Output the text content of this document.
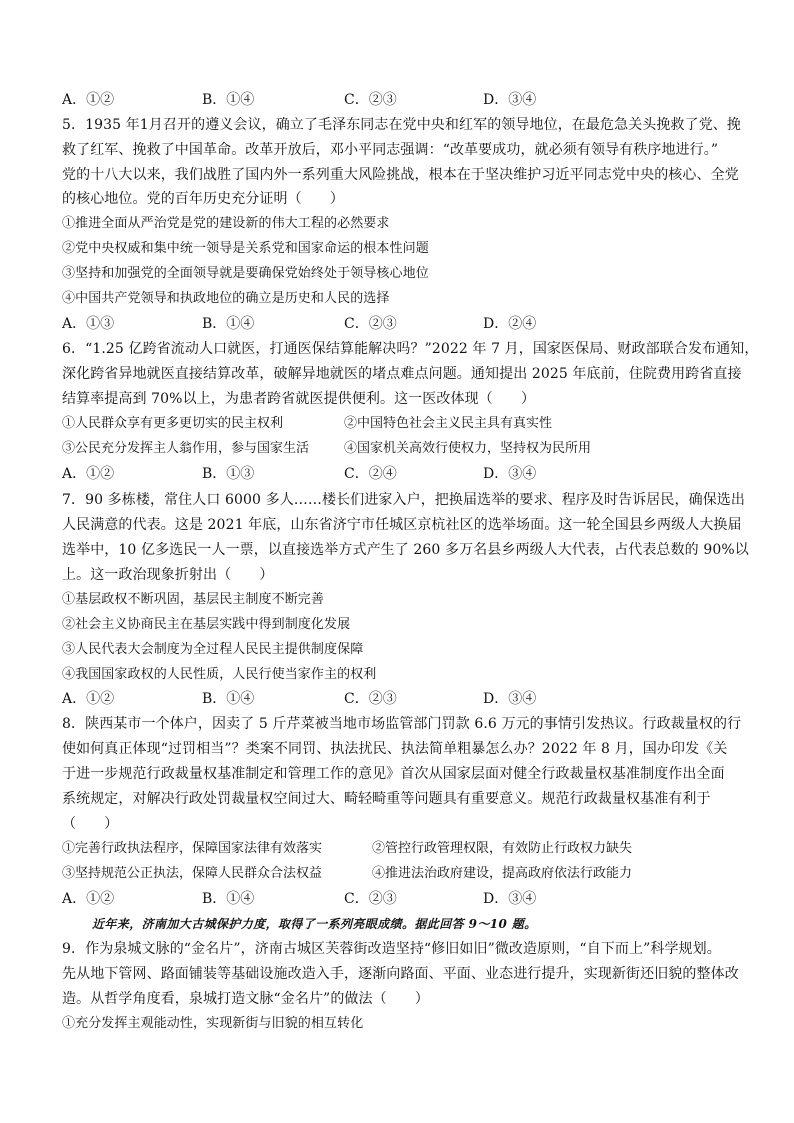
A．①②	B．①④	C．②③	D．③④
5．1935 年1月召开的遵义会议，确立了毛泽东同志在党中央和红军的领导地位，在最危急关头挽救了党、挽
救了红军、挽救了中国革命。改革开放后，邓小平同志强调：“改革要成功，就必须有领导有秩序地进行。”
党的十八大以来，我们战胜了国内外一系列重大风险挑战，根本在于坚决维护习近平同志党中央的核心、全党
的核心地位。党的百年历史充分证明（　　）
①推进全面从严治党是党的建设新的伟大工程的必然要求
②党中央权威和集中统一领导是关系党和国家命运的根本性问题
③坚持和加强党的全面领导就是要确保党始终处于领导核心地位
④中国共产党领导和执政地位的确立是历史和人民的选择
A．①③	B．①④	C．②③	D．②④
6．“1.25 亿跨省流动人口就医，打通医保结算能解决吗？”2022 年 7 月，国家医保局、财政部联合发布通知，
深化跨省异地就医直接结算改革，破解异地就医的堵点难点问题。通知提出 2025 年底前，住院费用跨省直接
结算率提高到 70%以上，为患者跨省就医提供便利。这一医改体现（　　）
①人民群众享有更多更切实的民主权利	②中国特色社会主义民主具有真实性
③公民充分发挥主人翁作用，参与国家生活	④国家机关高效行使权力，坚持权为民所用
A．①②	B．①③	C．②④	D．③④
7．90 多栋楼，常住人口 6000 多人……楼长们进家入户，把换届选举的要求、程序及时告诉居民，确保选出
人民满意的代表。这是 2021 年底，山东省济宁市任城区京杭社区的选举场面。这一轮全国县乡两级人大换届
选举中，10 亿多选民一人一票，以直接选举方式产生了 260 多万名县乡两级人大代表，占代表总数的 90%以
上。这一政治现象折射出（　　）
①基层政权不断巩固，基层民主制度不断完善
②社会主义协商民主在基层实践中得到制度化发展
③人民代表大会制度为全过程人民民主提供制度保障
④我国国家政权的人民性质，人民行使当家作主的权利
A．①②	B．①④	C．②③	D．③④
8．陕西某市一个体户，因卖了 5 斤芹菜被当地市场监管部门罚款 6.6 万元的事情引发热议。行政裁量权的行
使如何真正体现“过罚相当”？类案不同罚、执法扰民、执法简单粗暴怎么办？2022 年 8 月，国办印发《关
于进一步规范行政裁量权基准制定和管理工作的意见》首次从国家层面对健全行政裁量权基准制度作出全面
系统规定，对解决行政处罚裁量权空间过大、畸轻畸重等问题具有重要意义。规范行政裁量权基准有利于
（　　）
①完善行政执法程序，保障国家法律有效落实	②管控行政管理权限，有效防止行政权力缺失
③坚持规范公正执法，保障人民群众合法权益	④推进法治政府建设，提高政府依法行政能力
A．①②	B．①④	C．②③	D．③④
近年来，济南加大古城保护力度，取得了一系列亮眼成绩。据此回答 9～10 题。
9．作为泉城文脉的“金名片”，济南古城区芙蓉街改造坚持“修旧如旧”微改造原则，“自下而上”科学规划。
先从地下管网、路面铺装等基础设施改造入手，逐渐向路面、平面、业态进行提升，实现新街还旧貌的整体改
造。从哲学角度看，泉城打造文脉“金名片”的做法（　　）
①充分发挥主观能动性，实现新街与旧貌的相互转化
